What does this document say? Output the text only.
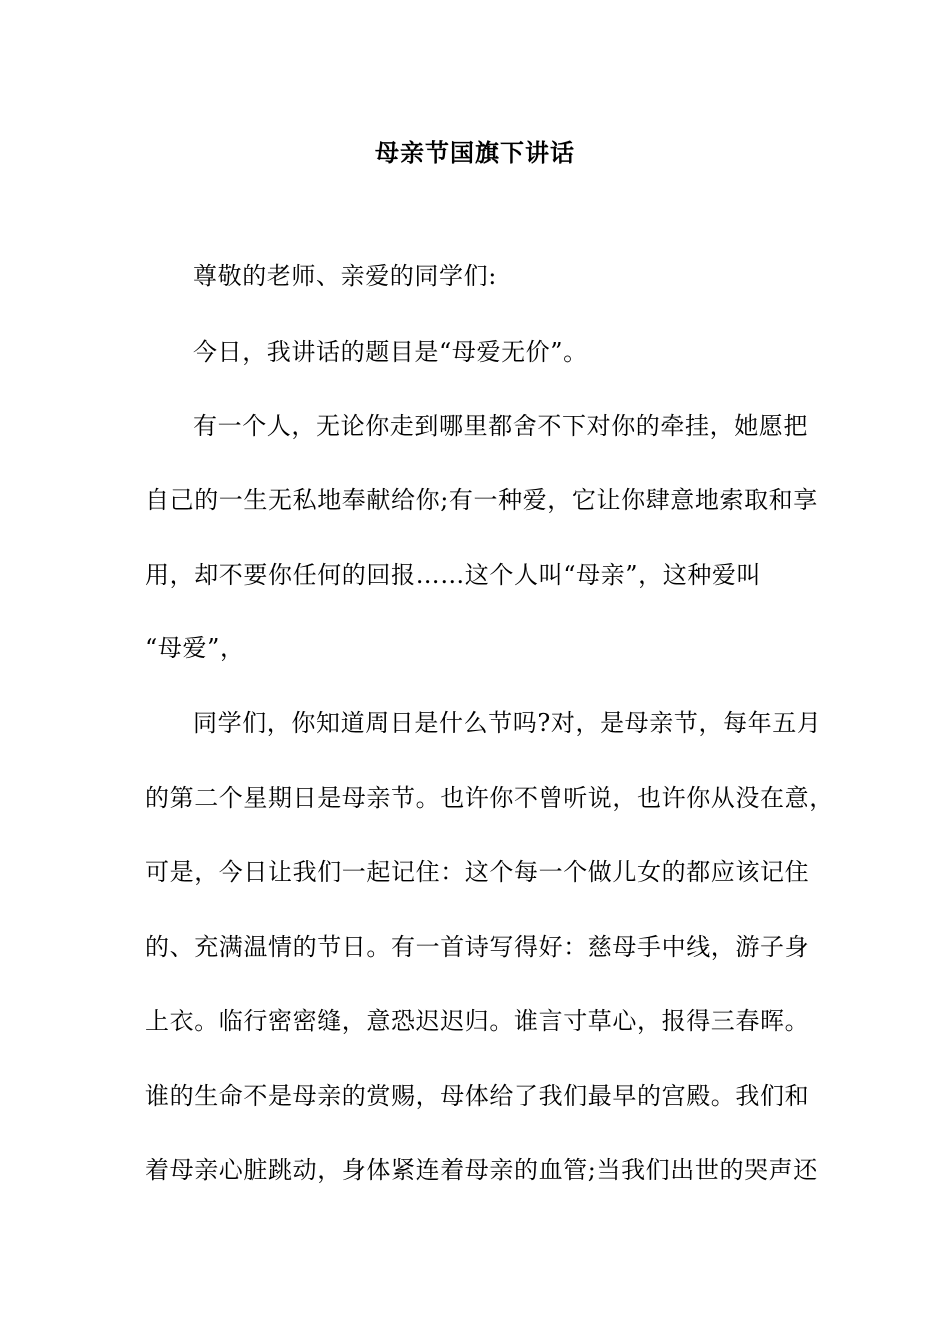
母亲节国旗下讲话
尊敬的老师、亲爱的同学们:
今日，我讲话的题目是“母爱无价”。
有一个人，无论你走到哪里都舍不下对你的牵挂，她愿把
自己的一生无私地奉献给你;有一种爱，它让你肆意地索取和享
用，却不要你任何的回报……这个人叫“母亲”，这种爱叫
“母爱”，
同学们，你知道周日是什么节吗?对，是母亲节，每年五月
的第二个星期日是母亲节。也许你不曾听说，也许你从没在意，
可是，今日让我们一起记住：这个每一个做儿女的都应该记住
的、充满温情的节日。有一首诗写得好：慈母手中线，游子身
上衣。临行密密缝，意恐迟迟归。谁言寸草心，报得三春晖。
谁的生命不是母亲的赏赐，母体给了我们最早的宫殿。我们和
着母亲心脏跳动，身体紧连着母亲的血管;当我们出世的哭声还
